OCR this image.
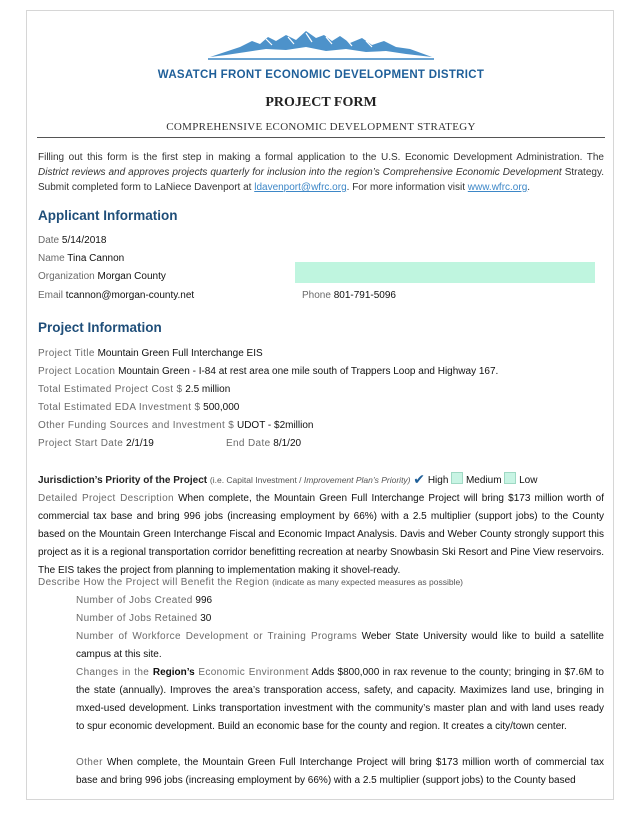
WASATCH FRONT ECONOMIC DEVELOPMENT DISTRICT
PROJECT FORM
COMPREHENSIVE ECONOMIC DEVELOPMENT STRATEGY
Filling out this form is the first step in making a formal application to the U.S. Economic Development Administration. The District reviews and approves projects quarterly for inclusion into the region’s Comprehensive Economic Development Strategy. Submit completed form to LaNiece Davenport at ldavenport@wfrc.org. For more information visit www.wfrc.org.
Applicant Information
Date 5/14/2018
Name Tina Cannon
Organization Morgan County
Email tcannon@morgan-county.net	Phone 801-791-5096
Project Information
Project Title Mountain Green Full Interchange EIS
Project Location Mountain Green - I-84 at rest area one mile south of Trappers Loop and Highway 167.
Total Estimated Project Cost $ 2.5 million
Total Estimated EDA Investment $ 500,000
Other Funding Sources and Investment $ UDOT - $2million
Project Start Date 2/1/19	End Date 8/1/20
Jurisdiction’s Priority of the Project (i.e. Capital Investment / Improvement Plan’s Priority) ✔ High Medium Low
Detailed Project Description When complete, the Mountain Green Full Interchange Project will bring $173 million worth of commercial tax base and bring 996 jobs (increasing employment by 66%) with a 2.5 multiplier (support jobs) to the County based on the Mountain Green Interchange Fiscal and Economic Impact Analysis. Davis and Weber County strongly support this project as it is a regional transportation corridor benefitting recreation at nearby Snowbasin Ski Resort and Pine View reservoirs. The EIS takes the project from planning to implementation making it shovel-ready.
Describe How the Project will Benefit the Region (indicate as many expected measures as possible)
Number of Jobs Created 996
Number of Jobs Retained 30
Number of Workforce Development or Training Programs Weber State University would like to build a satellite campus at this site.
Changes in the Region’s Economic Environment Adds $800,000 in rax revenue to the county; bringing in $7.6M to the state (annually). Improves the area’s transporation access, safety, and capacity. Maximizes land use, bringing in mxed-used development. Links transportation investment with the community’s master plan and with land uses ready to spur economic development. Build an economic base for the county and region. It creates a city/town center.
Other When complete, the Mountain Green Full Interchange Project will bring $173 million worth of commercial tax base and bring 996 jobs (increasing employment by 66%) with a 2.5 multiplier (support jobs) to the County based
